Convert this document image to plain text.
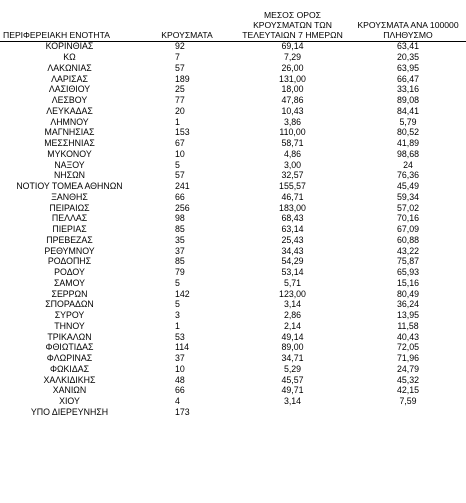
ΠΕΡΙΦΕΡΕΙΑΚΗ ΕΝΟΤΗΤΑ	ΚΡΟΥΣΜΑΤΑ	ΜΕΣΟΣ ΟΡΟΣ
ΚΡΟΥΣΜΑΤΩΝ ΤΩΝ
ΤΕΛΕΥΤΑΙΩΝ 7 ΗΜΕΡΩΝ	ΚΡΟΥΣΜΑΤΑ ΑΝΑ 100000
ΠΛΗΘΥΣΜΟ
ΚΟΡΙΝΘΙΑΣ	92	69,14	63,41
ΚΩ	7	7,29	20,35
ΛΑΚΩΝΙΑΣ	57	26,00	63,95
ΛΑΡΙΣΑΣ	189	131,00	66,47
ΛΑΣΙΘΙΟΥ	25	18,00	33,16
ΛΕΣΒΟΥ	77	47,86	89,08
ΛΕΥΚΑΔΑΣ	20	10,43	84,41
ΛΗΜΝΟΥ	1	3,86	5,79
ΜΑΓΝΗΣΙΑΣ	153	110,00	80,52
ΜΕΣΣΗΝΙΑΣ	67	58,71	41,89
ΜΥΚΟΝΟΥ	10	4,86	98,68
ΝΑΞΟΥ	5	3,00	24
ΝΗΣΩΝ	57	32,57	76,36
ΝΟΤΙΟΥ ΤΟΜΕΑ ΑΘΗΝΩΝ	241	155,57	45,49
ΞΑΝΘΗΣ	66	46,71	59,34
ΠΕΙΡΑΙΩΣ	256	183,00	57,02
ΠΕΛΛΑΣ	98	68,43	70,16
ΠΙΕΡΙΑΣ	85	63,14	67,09
ΠΡΕΒΕΖΑΣ	35	25,43	60,88
ΡΕΘΥΜΝΟΥ	37	34,43	43,22
ΡΟΔΟΠΗΣ	85	54,29	75,87
ΡΟΔΟΥ	79	53,14	65,93
ΣΑΜΟΥ	5	5,71	15,16
ΣΕΡΡΩΝ	142	123,00	80,49
ΣΠΟΡΑΔΩΝ	5	3,14	36,24
ΣΥΡΟΥ	3	2,86	13,95
ΤΗΝΟΥ	1	2,14	11,58
ΤΡΙΚΑΛΩΝ	53	49,14	40,43
ΦΘΙΩΤΙΔΑΣ	114	89,00	72,05
ΦΛΩΡΙΝΑΣ	37	34,71	71,96
ΦΩΚΙΔΑΣ	10	5,29	24,79
ΧΑΛΚΙΔΙΚΗΣ	48	45,57	45,32
ΧΑΝΙΩΝ	66	49,71	42,15
ΧΙΟΥ	4	3,14	7,59
ΥΠΟ ΔΙΕΡΕΥΝΗΣΗ	173		
